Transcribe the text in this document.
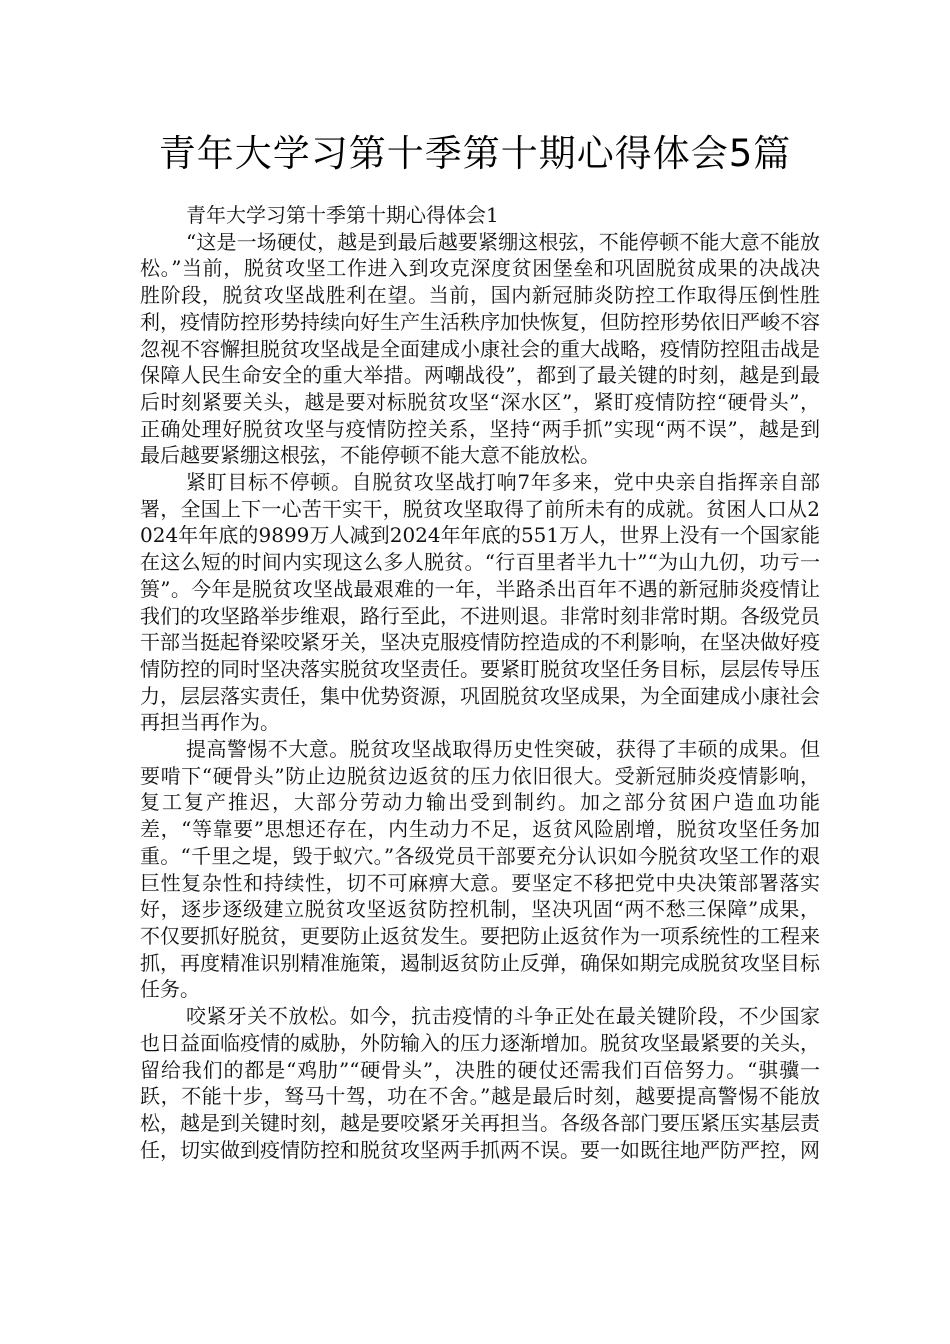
青年大学习第十季第十期心得体会5篇

青年大学习第十季第十期心得体会1

“这是一场硬仗，越是到最后越要紧绷这根弦，不能停顿不能大意不能放松。”当前，脱贫攻坚工作进入到攻克深度贫困堡垒和巩固脱贫成果的决战决胜阶段，脱贫攻坚战胜利在望。当前，国内新冠肺炎防控工作取得压倒性胜利，疫情防控形势持续向好生产生活秩序加快恢复，但防控形势依旧严峻不容忽视不容懈担脱贫攻坚战是全面建成小康社会的重大战略，疫情防控阻击战是保障人民生命安全的重大举措。两嘲战役”，都到了最关键的时刻，越是到最后时刻紧要关头，越是要对标脱贫攻坚“深水区”，紧盯疫情防控“硬骨头”，正确处理好脱贫攻坚与疫情防控关系，坚持“两手抓”实现“两不误”，越是到最后越要紧绷这根弦，不能停顿不能大意不能放松。

紧盯目标不停顿。自脱贫攻坚战打响7年多来，党中央亲自指挥亲自部署，全国上下一心苦干实干，脱贫攻坚取得了前所未有的成就。贫困人口从2024年年底的9899万人减到2024年年底的551万人，世界上没有一个国家能在这么短的时间内实现这么多人脱贫。“行百里者半九十”“为山九仞，功亏一篑”。今年是脱贫攻坚战最艰难的一年，半路杀出百年不遇的新冠肺炎疫情让我们的攻坚路举步维艰，路行至此，不进则退。非常时刻非常时期。各级党员干部当挺起脊梁咬紧牙关，坚决克服疫情防控造成的不利影响，在坚决做好疫情防控的同时坚决落实脱贫攻坚责任。要紧盯脱贫攻坚任务目标，层层传导压力，层层落实责任，集中优势资源，巩固脱贫攻坚成果，为全面建成小康社会再担当再作为。

提高警惕不大意。脱贫攻坚战取得历史性突破，获得了丰硕的成果。但要啃下“硬骨头”防止边脱贫边返贫的压力依旧很大。受新冠肺炎疫情影响，复工复产推迟，大部分劳动力输出受到制约。加之部分贫困户造血功能差，“等靠要”思想还存在，内生动力不足，返贫风险剧增，脱贫攻坚任务加重。“千里之堤，毁于蚁穴。”各级党员干部要充分认识如今脱贫攻坚工作的艰巨性复杂性和持续性，切不可麻痹大意。要坚定不移把党中央决策部署落实好，逐步逐级建立脱贫攻坚返贫防控机制，坚决巩固“两不愁三保障”成果，不仅要抓好脱贫，更要防止返贫发生。要把防止返贫作为一项系统性的工程来抓，再度精准识别精准施策，遏制返贫防止反弹，确保如期完成脱贫攻坚目标任务。

咬紧牙关不放松。如今，抗击疫情的斗争正处在最关键阶段，不少国家也日益面临疫情的威胁，外防输入的压力逐渐增加。脱贫攻坚最紧要的关头，留给我们的都是“鸡肋”“硬骨头”，决胜的硬仗还需我们百倍努力。“骐骥一跃，不能十步，驽马十驾，功在不舍。”越是最后时刻，越要提高警惕不能放松，越是到关键时刻，越是要咬紧牙关再担当。各级各部门要压紧压实基层责任，切实做到疫情防控和脱贫攻坚两手抓两不误。要一如既往地严防严控，网
